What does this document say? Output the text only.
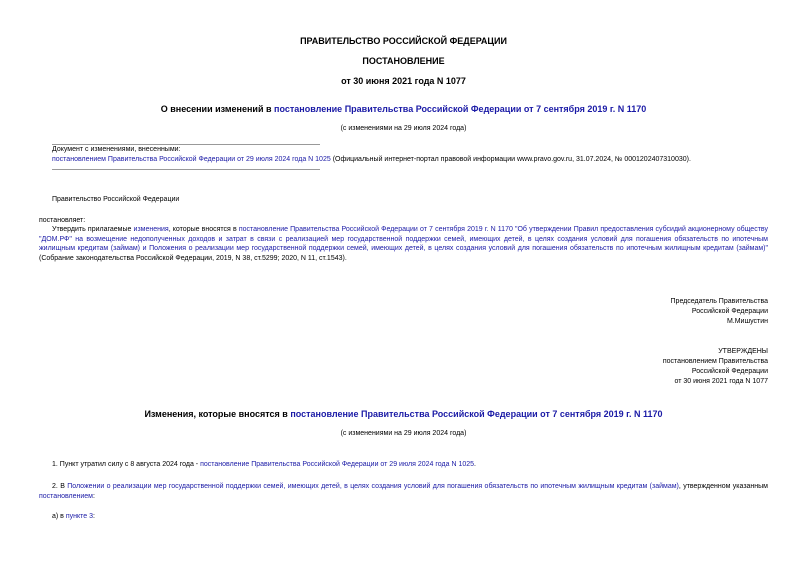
ПРАВИТЕЛЬСТВО РОССИЙСКОЙ ФЕДЕРАЦИИ
ПОСТАНОВЛЕНИЕ
от 30 июня 2021 года N 1077
О внесении изменений в постановление Правительства Российской Федерации от 7 сентября 2019 г. N 1170
(с изменениями на 29 июля 2024 года)
Документ с изменениями, внесенными:
постановлением Правительства Российской Федерации от 29 июля 2024 года N 1025 (Официальный интернет-портал правовой информации www.pravo.gov.ru, 31.07.2024, № 0001202407310030).
Правительство Российской Федерации
постановляет:
Утвердить прилагаемые изменения, которые вносятся в постановление Правительства Российской Федерации от 7 сентября 2019 г. N 1170 "Об утверждении Правил предоставления субсидий акционерному обществу "ДОМ.РФ" на возмещение недополученных доходов и затрат в связи с реализацией мер государственной поддержки семей, имеющих детей, в целях создания условий для погашения обязательств по ипотечным жилищным кредитам (займам) и Положения о реализации мер государственной поддержки семей, имеющих детей, в целях создания условий для погашения обязательств по ипотечным жилищным кредитам (займам)" (Собрание законодательства Российской Федерации, 2019, N 38, ст.5299; 2020, N 11, ст.1543).
Председатель Правительства
Российской Федерации
М.Мишустин
УТВЕРЖДЕНЫ
постановлением Правительства
Российской Федерации
от 30 июня 2021 года N 1077
Изменения, которые вносятся в постановление Правительства Российской Федерации от 7 сентября 2019 г. N 1170
(с изменениями на 29 июля 2024 года)
1. Пункт утратил силу с 8 августа 2024 года - постановление Правительства Российской Федерации от 29 июля 2024 года N 1025.
2. В Положении о реализации мер государственной поддержки семей, имеющих детей, в целях создания условий для погашения обязательств по ипотечным жилищным кредитам (займам), утвержденном указанным постановлением:
а) в пункте 3:
